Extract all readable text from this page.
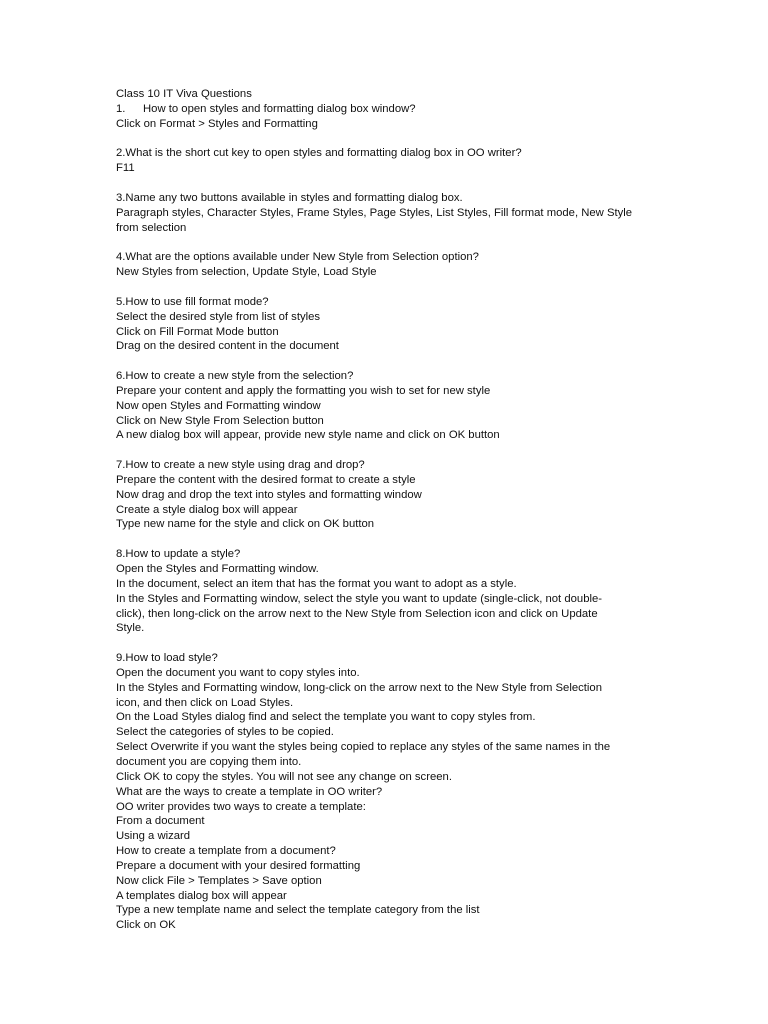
Class 10 IT Viva Questions

1.	How to open styles and formatting dialog box window?

Click on Format > Styles and Formatting

2.What is the short cut key to open styles and formatting dialog box in OO writer?

F11

3.Name any two buttons available in styles and formatting dialog box.

Paragraph styles, Character Styles, Frame Styles, Page Styles, List Styles, Fill format mode, New Style

from selection

4.What are the options available under New Style from Selection option?

New Styles from selection, Update Style, Load Style

5.How to use fill format mode?

Select the desired style from list of styles

Click on Fill Format Mode button

Drag on the desired content in the document

6.How to create a new style from the selection?

Prepare your content and apply the formatting you wish to set for new style

Now open Styles and Formatting window

Click on New Style From Selection button

A new dialog box will appear, provide new style name and click on OK button

7.How to create a new style using drag and drop?

Prepare the content with the desired format to create a style

Now drag and drop the text into styles and formatting window

Create a style dialog box will appear

Type new name for the style and click on OK button

8.How to update a style?

Open the Styles and Formatting window.

In the document, select an item that has the format you want to adopt as a style.

In the Styles and Formatting window, select the style you want to update (single-click, not double-

click), then long-click on the arrow next to the New Style from Selection icon and click on Update

Style.

9.How to load style?

Open the document you want to copy styles into.

In the Styles and Formatting window, long-click on the arrow next to the New Style from Selection

icon, and then click on Load Styles.

On the Load Styles dialog find and select the template you want to copy styles from.

Select the categories of styles to be copied.

Select Overwrite if you want the styles being copied to replace any styles of the same names in the

document you are copying them into.

Click OK to copy the styles. You will not see any change on screen.

What are the ways to create a template in OO writer?

OO writer provides two ways to create a template:

From a document

Using a wizard

How to create a template from a document?

Prepare a document with your desired formatting

Now click File > Templates > Save option

A templates dialog box will appear

Type a new template name and select the template category from the list

Click on OK
